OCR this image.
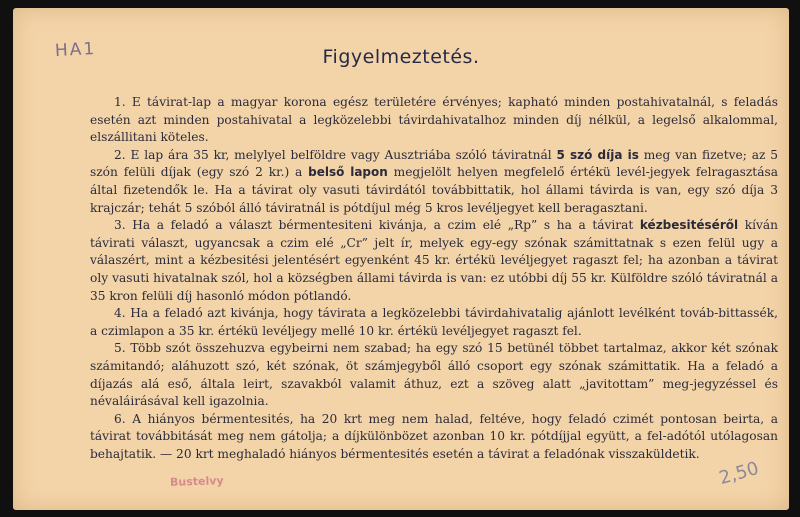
HA1	Figyelmeztetés.

1. E távirat-lap a magyar korona egész területére érvényes; kapható minden postahivatalnál, s feladás esetén azt minden postahivatal a legközelebbi távirdahivatalhoz minden díj nélkül, a legelső alkalommal, elszállitani köteles.

2. E lap ára 35 kr, melylyel belföldre vagy Ausztriába szóló táviratnál 5 szó díja is meg van fizetve; az 5 szón felüli díjak (egy szó 2 kr.) a belső lapon megjelölt helyen megfelelő értékü levél-jegyek felragasztása által fizetendők le. Ha a távirat oly vasuti távirdától továbbittatik, hol állami távirda is van, egy szó díja 3 krajczár; tehát 5 szóból álló táviratnál is pótdíjul még 5 kros levéljegyet kell beragasztani.

3. Ha a feladó a választ bérmentesiteni kivánja, a czim elé „Rp” s ha a távirat kézbesitéséről kíván távirati választ, ugyancsak a czim elé „Cr” jelt ír, melyek egy-egy szónak számittatnak s ezen felül ugy a válaszért, mint a kézbesitési jelentésért egyenként 45 kr. értékü levéljegyet ragaszt fel; ha azonban a távirat oly vasuti hivatalnak szól, hol a községben állami távirda is van: ez utóbbi díj 55 kr. Külföldre szóló táviratnál a 35 kron felüli díj hasonló módon pótlandó.

4. Ha a feladó azt kivánja, hogy távirata a legközelebbi távirdahivatalig ajánlott levélként továb-bittassék, a czimlapon a 35 kr. értékü levéljegy mellé 10 kr. értékü levéljegyet ragaszt fel.

5. Több szót összehuzva egybeirni nem szabad; ha egy szó 15 betünél többet tartalmaz, akkor két szónak számitandó; aláhuzott szó, két szónak, öt számjegyből álló csoport egy szónak számittatik. Ha a feladó a díjazás alá eső, általa leirt, szavakból valamit áthuz, ezt a szöveg alatt „javitottam” meg-jegyzéssel és névaláirásával kell igazolnia.

6. A hiányos bérmentesités, ha 20 krt meg nem halad, feltéve, hogy feladó czimét pontosan beirta, a távirat továbbitását meg nem gátolja; a díjkülönbözet azonban 10 kr. pótdíjjal együtt, a fel-adótól utólagosan behajtatik. — 20 krt meghaladó hiányos bérmentesités esetén a távirat a feladónak visszaküldetik.

Bustelvy	2,50
